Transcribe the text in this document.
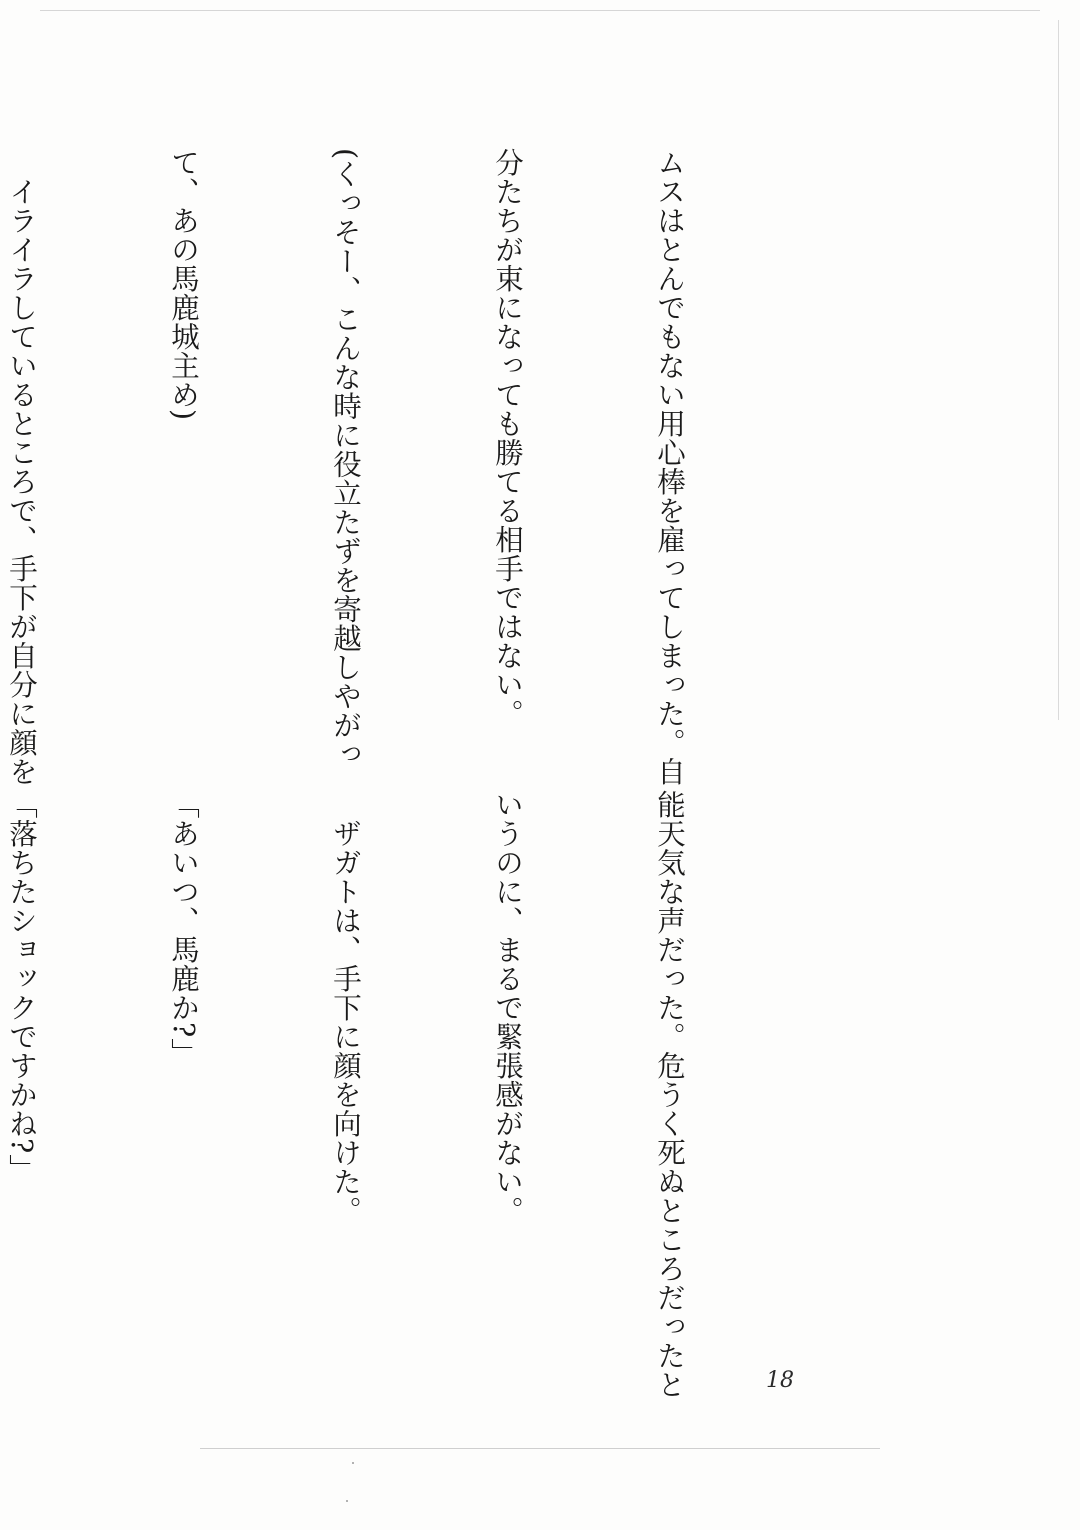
ムスはとんでもない用心棒を雇ってしまった。自

分たちが束になっても勝てる相手ではない。

(くっそー、こんな時に役立たずを寄越しやがっ

て、あの馬鹿城主め)

　イライラしているところで、手下が自分に顔を

能天気な声だった。危うく死ぬところだったと

いうのに、まるで緊張感がない。

　ザガトは、手下に顔を向けた。

「あいつ、馬鹿か?」

「落ちたショックですかね?」

18
